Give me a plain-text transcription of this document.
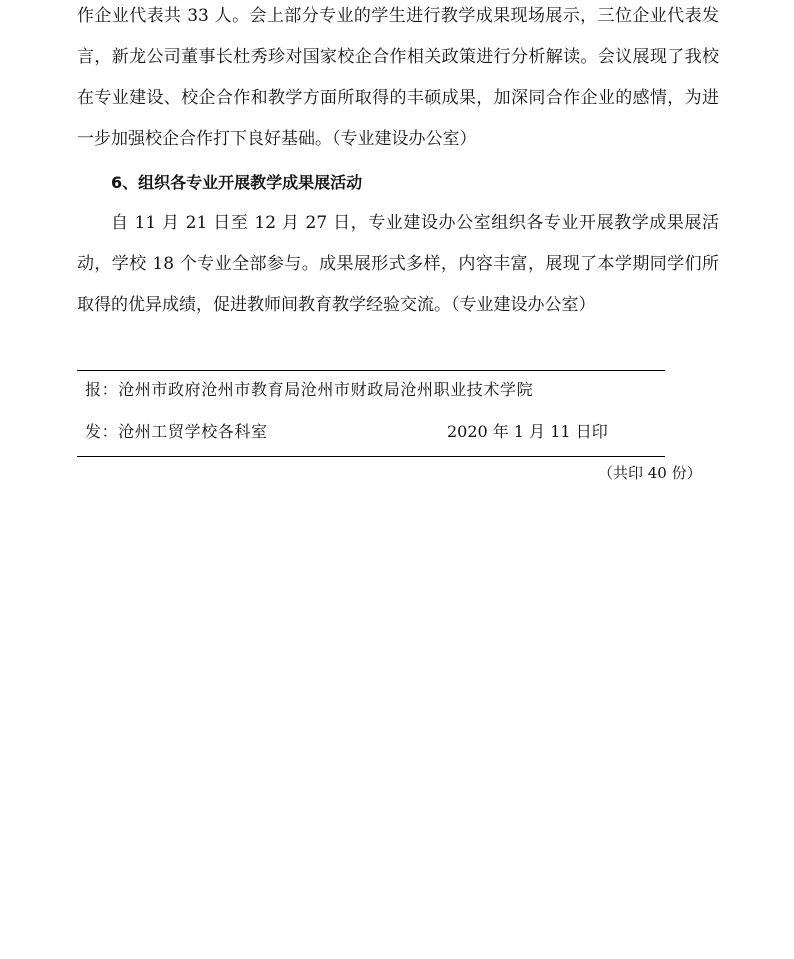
作企业代表共 33 人。会上部分专业的学生进行教学成果现场展示，三位企业代表发言，新龙公司董事长杜秀珍对国家校企合作相关政策进行分析解读。会议展现了我校在专业建设、校企合作和教学方面所取得的丰硕成果，加深同合作企业的感情，为进一步加强校企合作打下良好基础。（专业建设办公室）

6、组织各专业开展教学成果展活动

自 11 月 21 日至 12 月 27 日，专业建设办公室组织各专业开展教学成果展活动，学校 18 个专业全部参与。成果展形式多样，内容丰富，展现了本学期同学们所取得的优异成绩，促进教师间教育教学经验交流。（专业建设办公室）

报：沧州市政府沧州市教育局沧州市财政局沧州职业技术学院
发：沧州工贸学校各科室	2020 年 1 月 11 日印
（共印 40 份）
